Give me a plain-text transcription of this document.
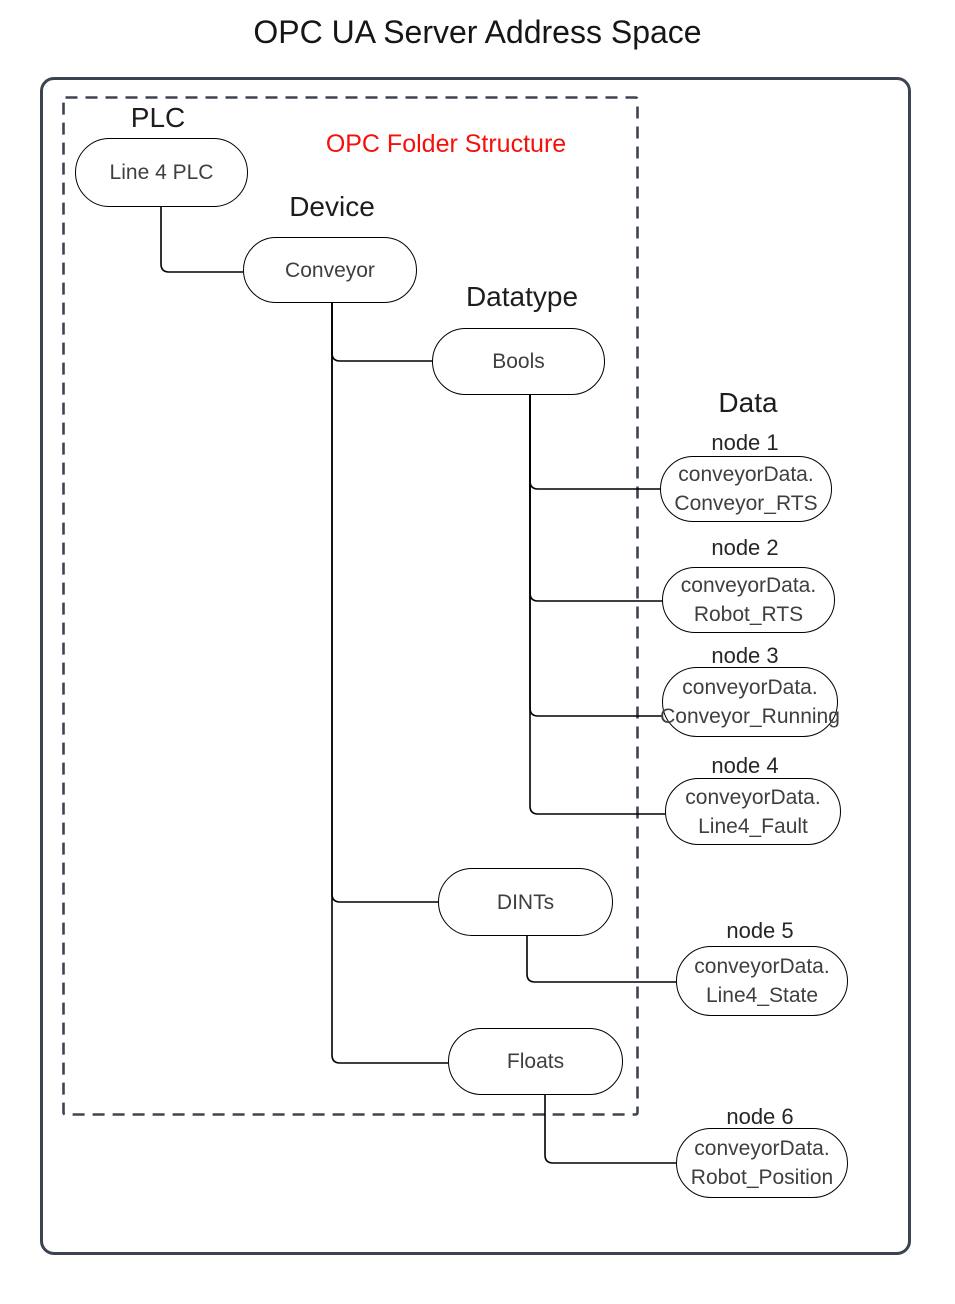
OPC UA Server Address Space
PLC
Device
Datatype
Data
OPC Folder Structure
Line 4 PLC
Conveyor
Bools
DINTs
Floats
node 1
conveyorData.
Conveyor_RTS
node 2
conveyorData.
Robot_RTS
node 3
conveyorData.
Conveyor_Running
node 4
conveyorData.
Line4_Fault
node 5
conveyorData.
Line4_State
node 6
conveyorData.
Robot_Position
